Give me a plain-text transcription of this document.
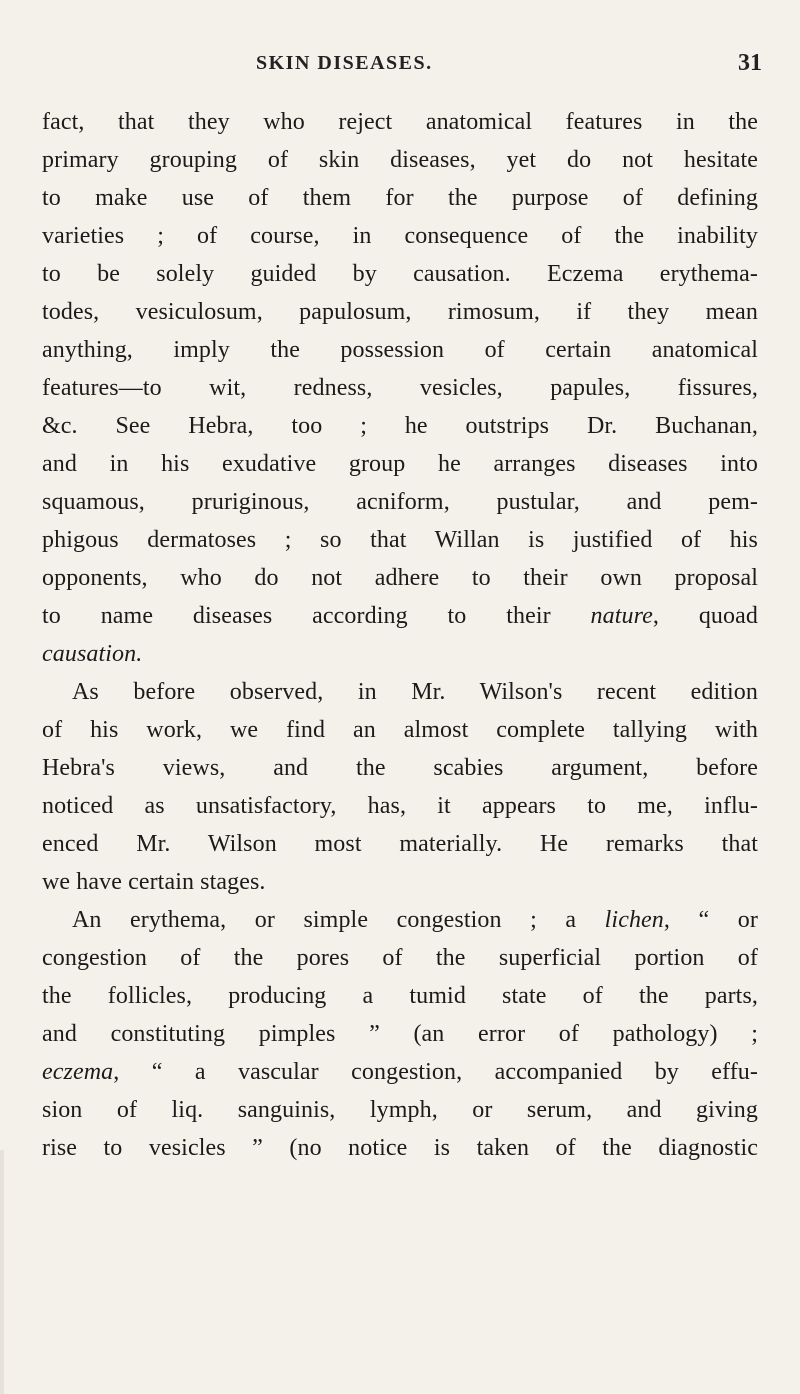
SKIN DISEASES.	31
fact, that they who reject anatomical features in the
primary grouping of skin diseases, yet do not hesitate
to make use of them for the purpose of defining
varieties ; of course, in consequence of the inability
to be solely guided by causation. Eczema erythema-
todes, vesiculosum, papulosum, rimosum, if they mean
anything, imply the possession of certain anatomical
features—to wit, redness, vesicles, papules, fissures,
&c. See Hebra, too ; he outstrips Dr. Buchanan,
and in his exudative group he arranges diseases into
squamous, pruriginous, acniform, pustular, and pem-
phigous dermatoses ; so that Willan is justified of his
opponents, who do not adhere to their own proposal
to name diseases according to their nature, quoad
causation.
As before observed, in Mr. Wilson's recent edition
of his work, we find an almost complete tallying with
Hebra's views, and the scabies argument, before
noticed as unsatisfactory, has, it appears to me, influ-
enced Mr. Wilson most materially. He remarks that
we have certain stages.
An erythema, or simple congestion ; a lichen, “ or
congestion of the pores of the superficial portion of
the follicles, producing a tumid state of the parts,
and constituting pimples ” (an error of pathology) ;
eczema, “ a vascular congestion, accompanied by effu-
sion of liq. sanguinis, lymph, or serum, and giving
rise to vesicles ” (no notice is taken of the diagnostic
